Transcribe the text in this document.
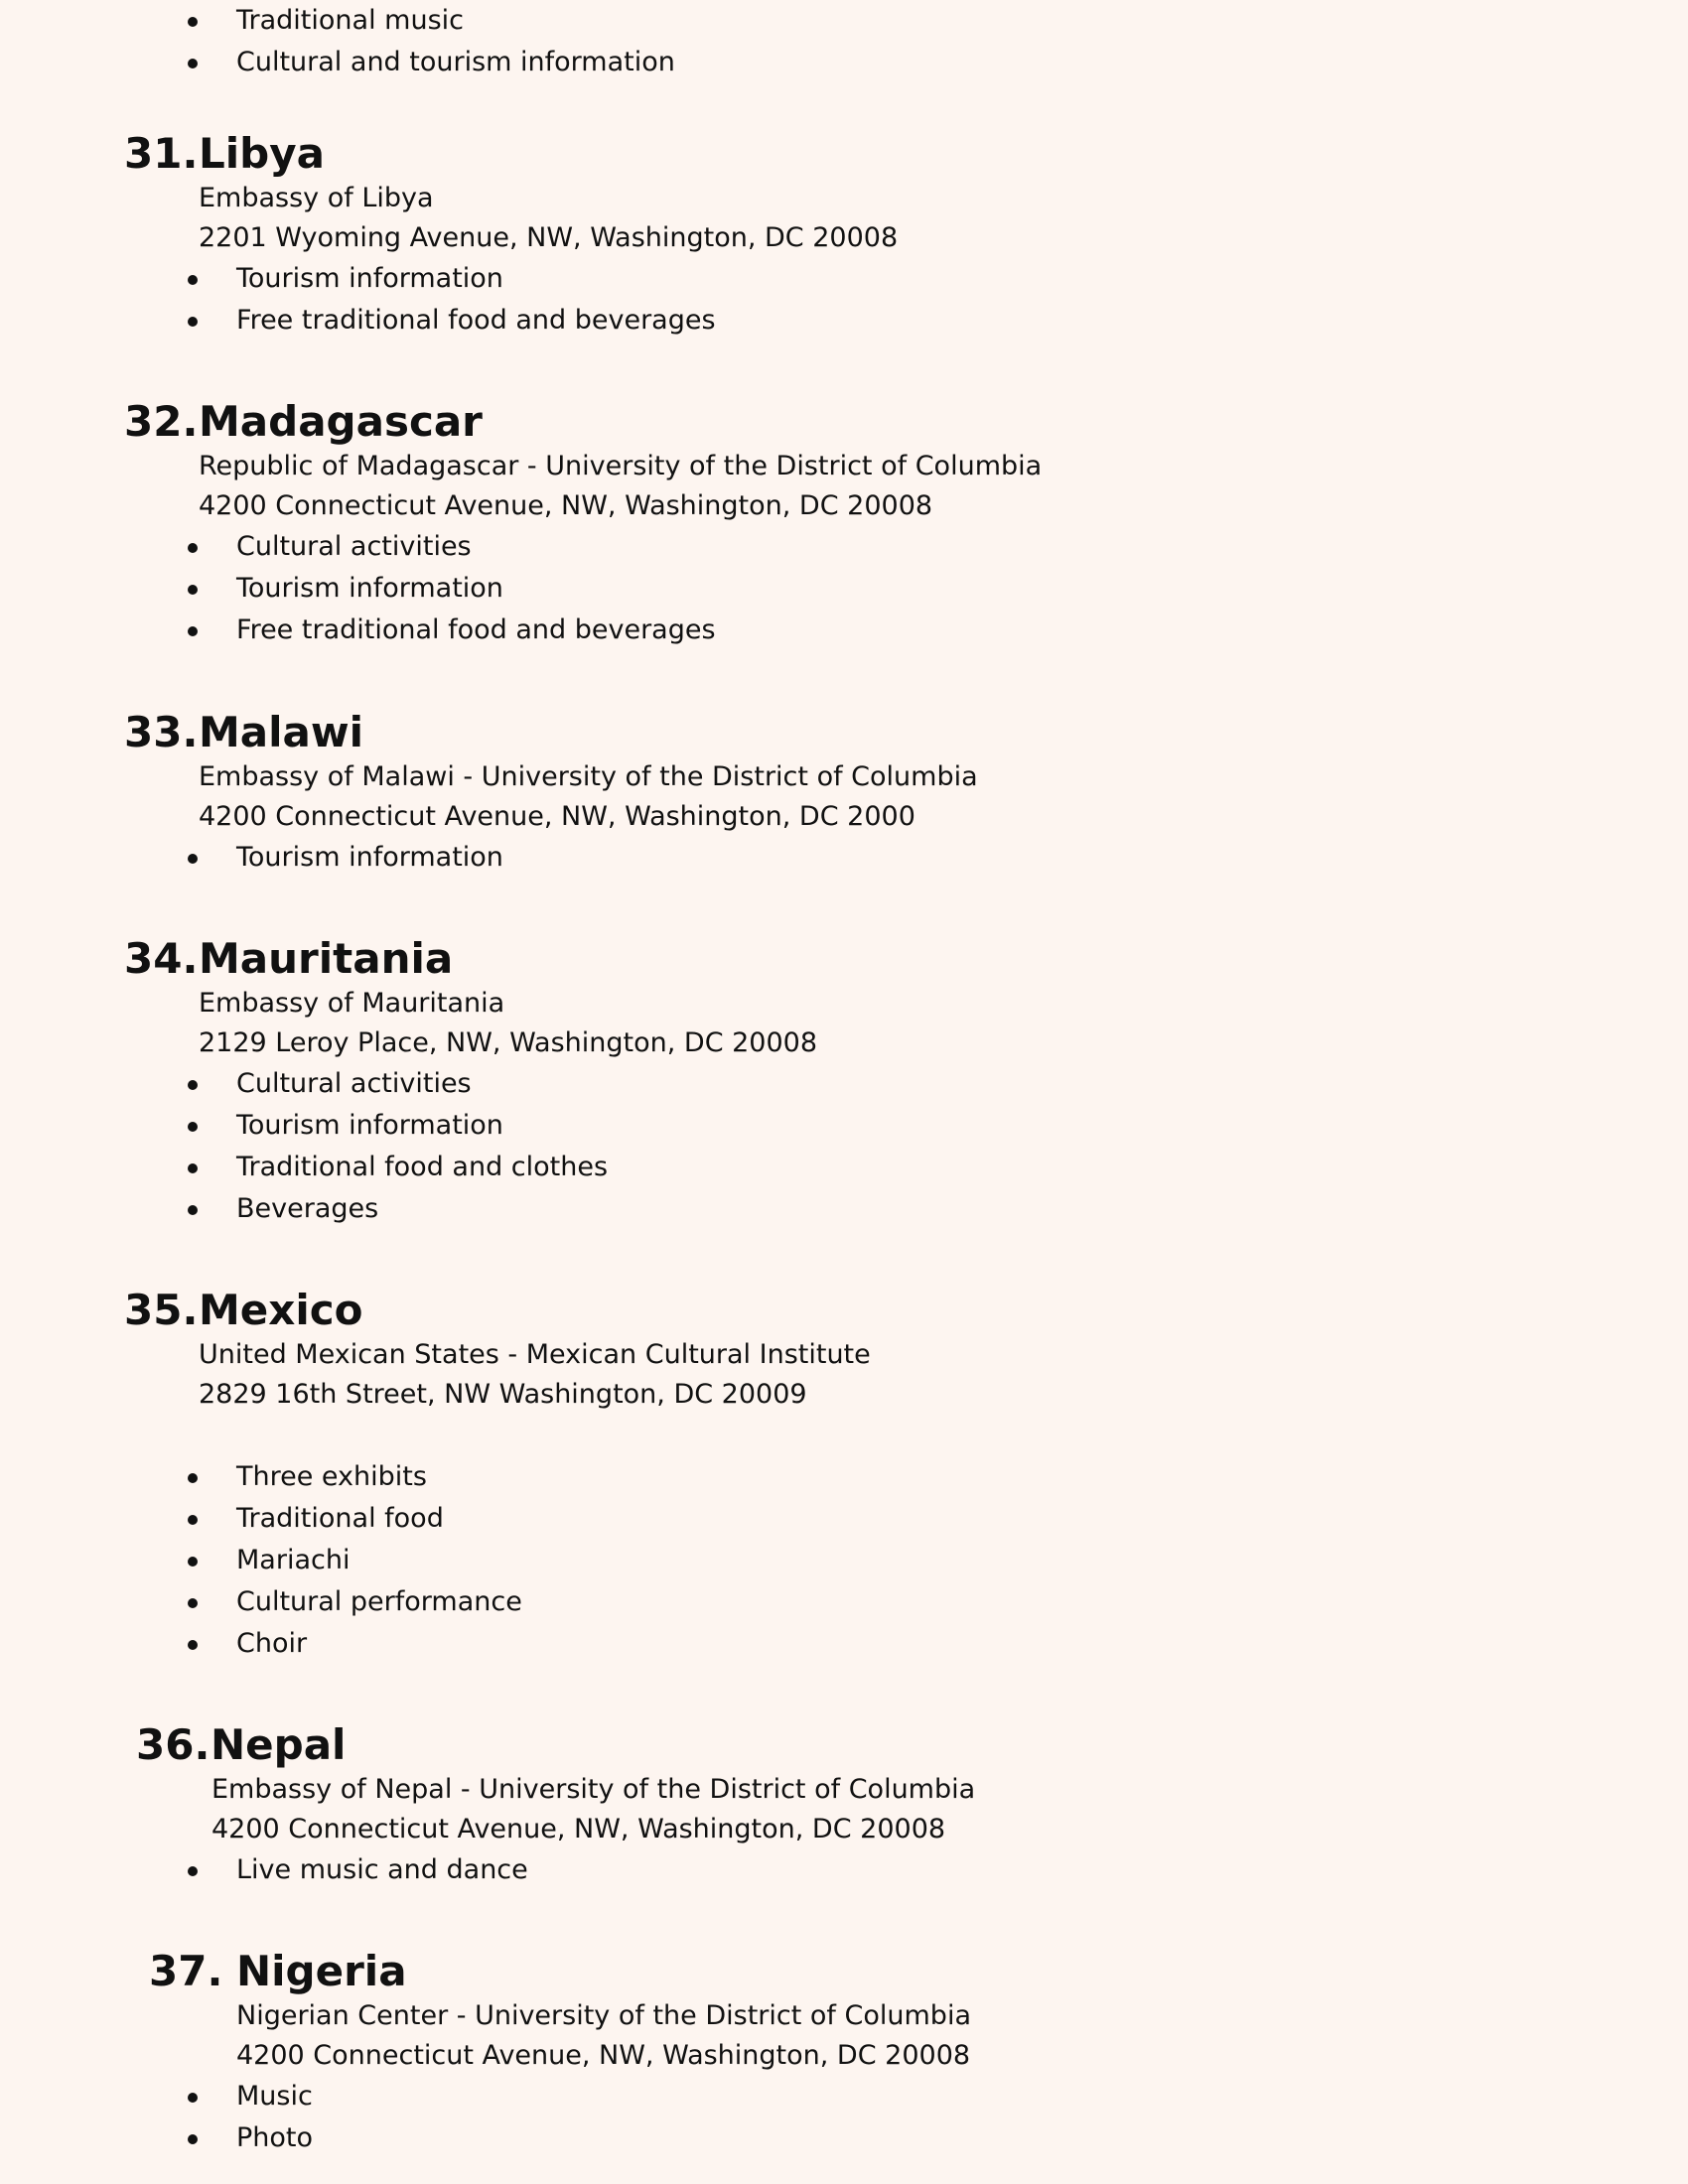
Traditional music
Cultural and tourism information
31. Libya
Embassy of Libya
2201 Wyoming Avenue, NW, Washington, DC 20008
Tourism information
Free traditional food and beverages
32. Madagascar
Republic of Madagascar - University of the District of Columbia
4200 Connecticut Avenue, NW, Washington, DC 20008
Cultural activities
Tourism information
Free traditional food and beverages
33. Malawi
Embassy of Malawi - University of the District of Columbia
4200 Connecticut Avenue, NW, Washington, DC 2000
Tourism information
34. Mauritania
Embassy of Mauritania
2129 Leroy Place, NW, Washington, DC 20008
Cultural activities
Tourism information
Traditional food and clothes
Beverages
35. Mexico
United Mexican States - Mexican Cultural Institute
2829 16th Street, NW Washington, DC 20009
Three exhibits
Traditional food
Mariachi
Cultural performance
Choir
36. Nepal
Embassy of Nepal - University of the District of Columbia
4200 Connecticut Avenue, NW, Washington, DC 20008
Live music and dance
37. Nigeria
Nigerian Center - University of the District of Columbia
4200 Connecticut Avenue, NW, Washington, DC 20008
Music
Photo
